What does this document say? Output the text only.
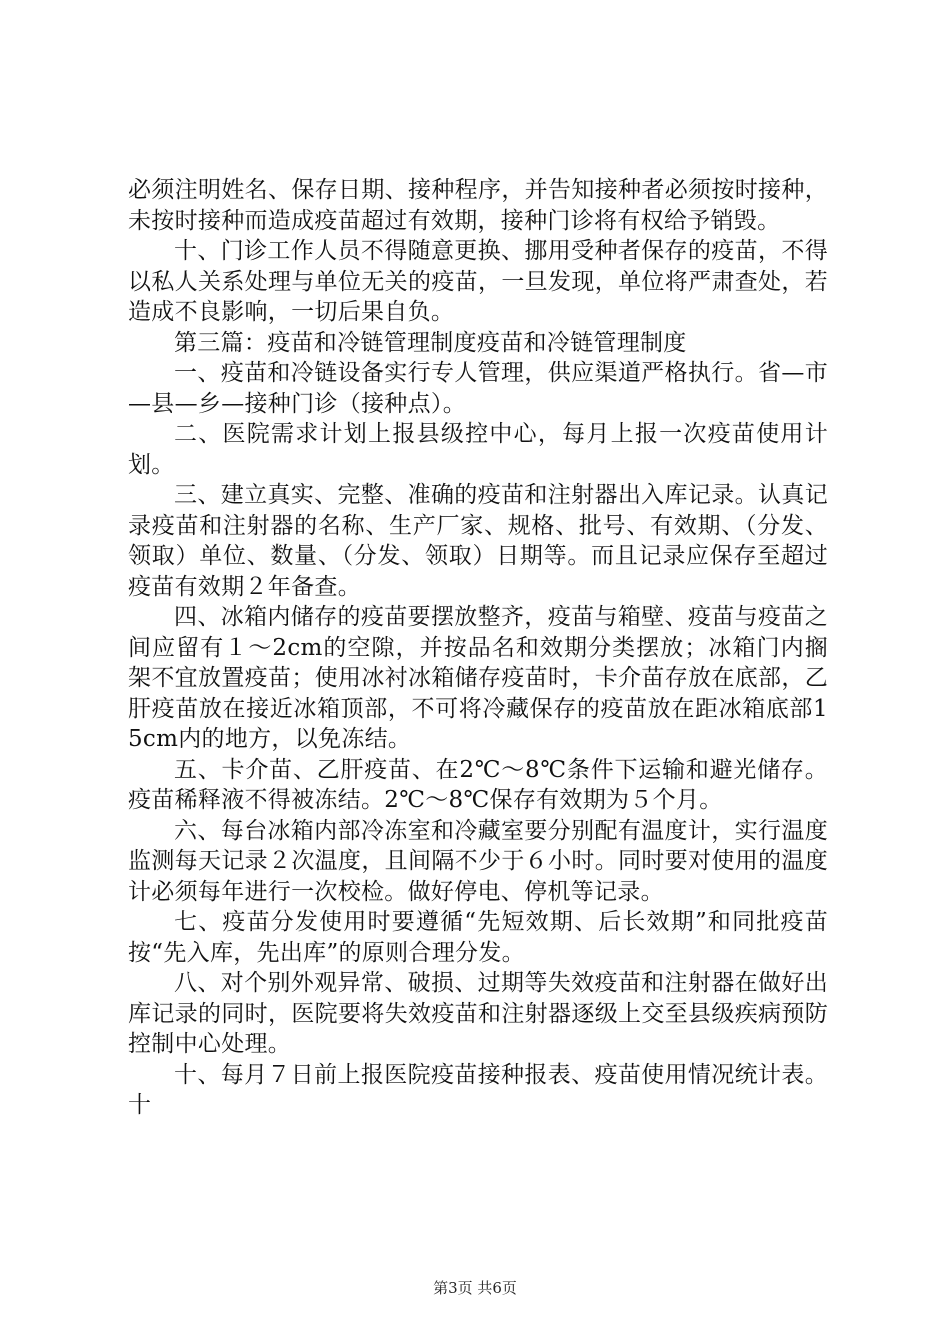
必须注明姓名、保存日期、接种程序，并告知接种者必须按时接种，未按时接种而造成疫苗超过有效期，接种门诊将有权给予销毁。

十、门诊工作人员不得随意更换、挪用受种者保存的疫苗，不得以私人关系处理与单位无关的疫苗，一旦发现，单位将严肃查处，若造成不良影响，一切后果自负。

第三篇：疫苗和冷链管理制度疫苗和冷链管理制度

一、疫苗和冷链设备实行专人管理，供应渠道严格执行。省—市—县—乡—接种门诊（接种点）。

二、医院需求计划上报县级控中心，每月上报一次疫苗使用计划。

三、建立真实、完整、准确的疫苗和注射器出入库记录。认真记录疫苗和注射器的名称、生产厂家、规格、批号、有效期、（分发、领取）单位、数量、（分发、领取）日期等。而且记录应保存至超过疫苗有效期２年备查。

四、冰箱内储存的疫苗要摆放整齐，疫苗与箱壁、疫苗与疫苗之间应留有１～2cm的空隙，并按品名和效期分类摆放；冰箱门内搁架不宜放置疫苗；使用冰衬冰箱储存疫苗时，卡介苗存放在底部，乙肝疫苗放在接近冰箱顶部，不可将冷藏保存的疫苗放在距冰箱底部15cm内的地方，以免冻结。

五、卡介苗、乙肝疫苗、在2℃～8℃条件下运输和避光储存。疫苗稀释液不得被冻结。2℃～8℃保存有效期为５个月。

六、每台冰箱内部冷冻室和冷藏室要分别配有温度计，实行温度监测每天记录２次温度，且间隔不少于６小时。同时要对使用的温度计必须每年进行一次校检。做好停电、停机等记录。

七、疫苗分发使用时要遵循“先短效期、后长效期”和同批疫苗按“先入库，先出库”的原则合理分发。

八、对个别外观异常、破损、过期等失效疫苗和注射器在做好出库记录的同时，医院要将失效疫苗和注射器逐级上交至县级疾病预防控制中心处理。

十、每月７日前上报医院疫苗接种报表、疫苗使用情况统计表。十

第3页 共6页
